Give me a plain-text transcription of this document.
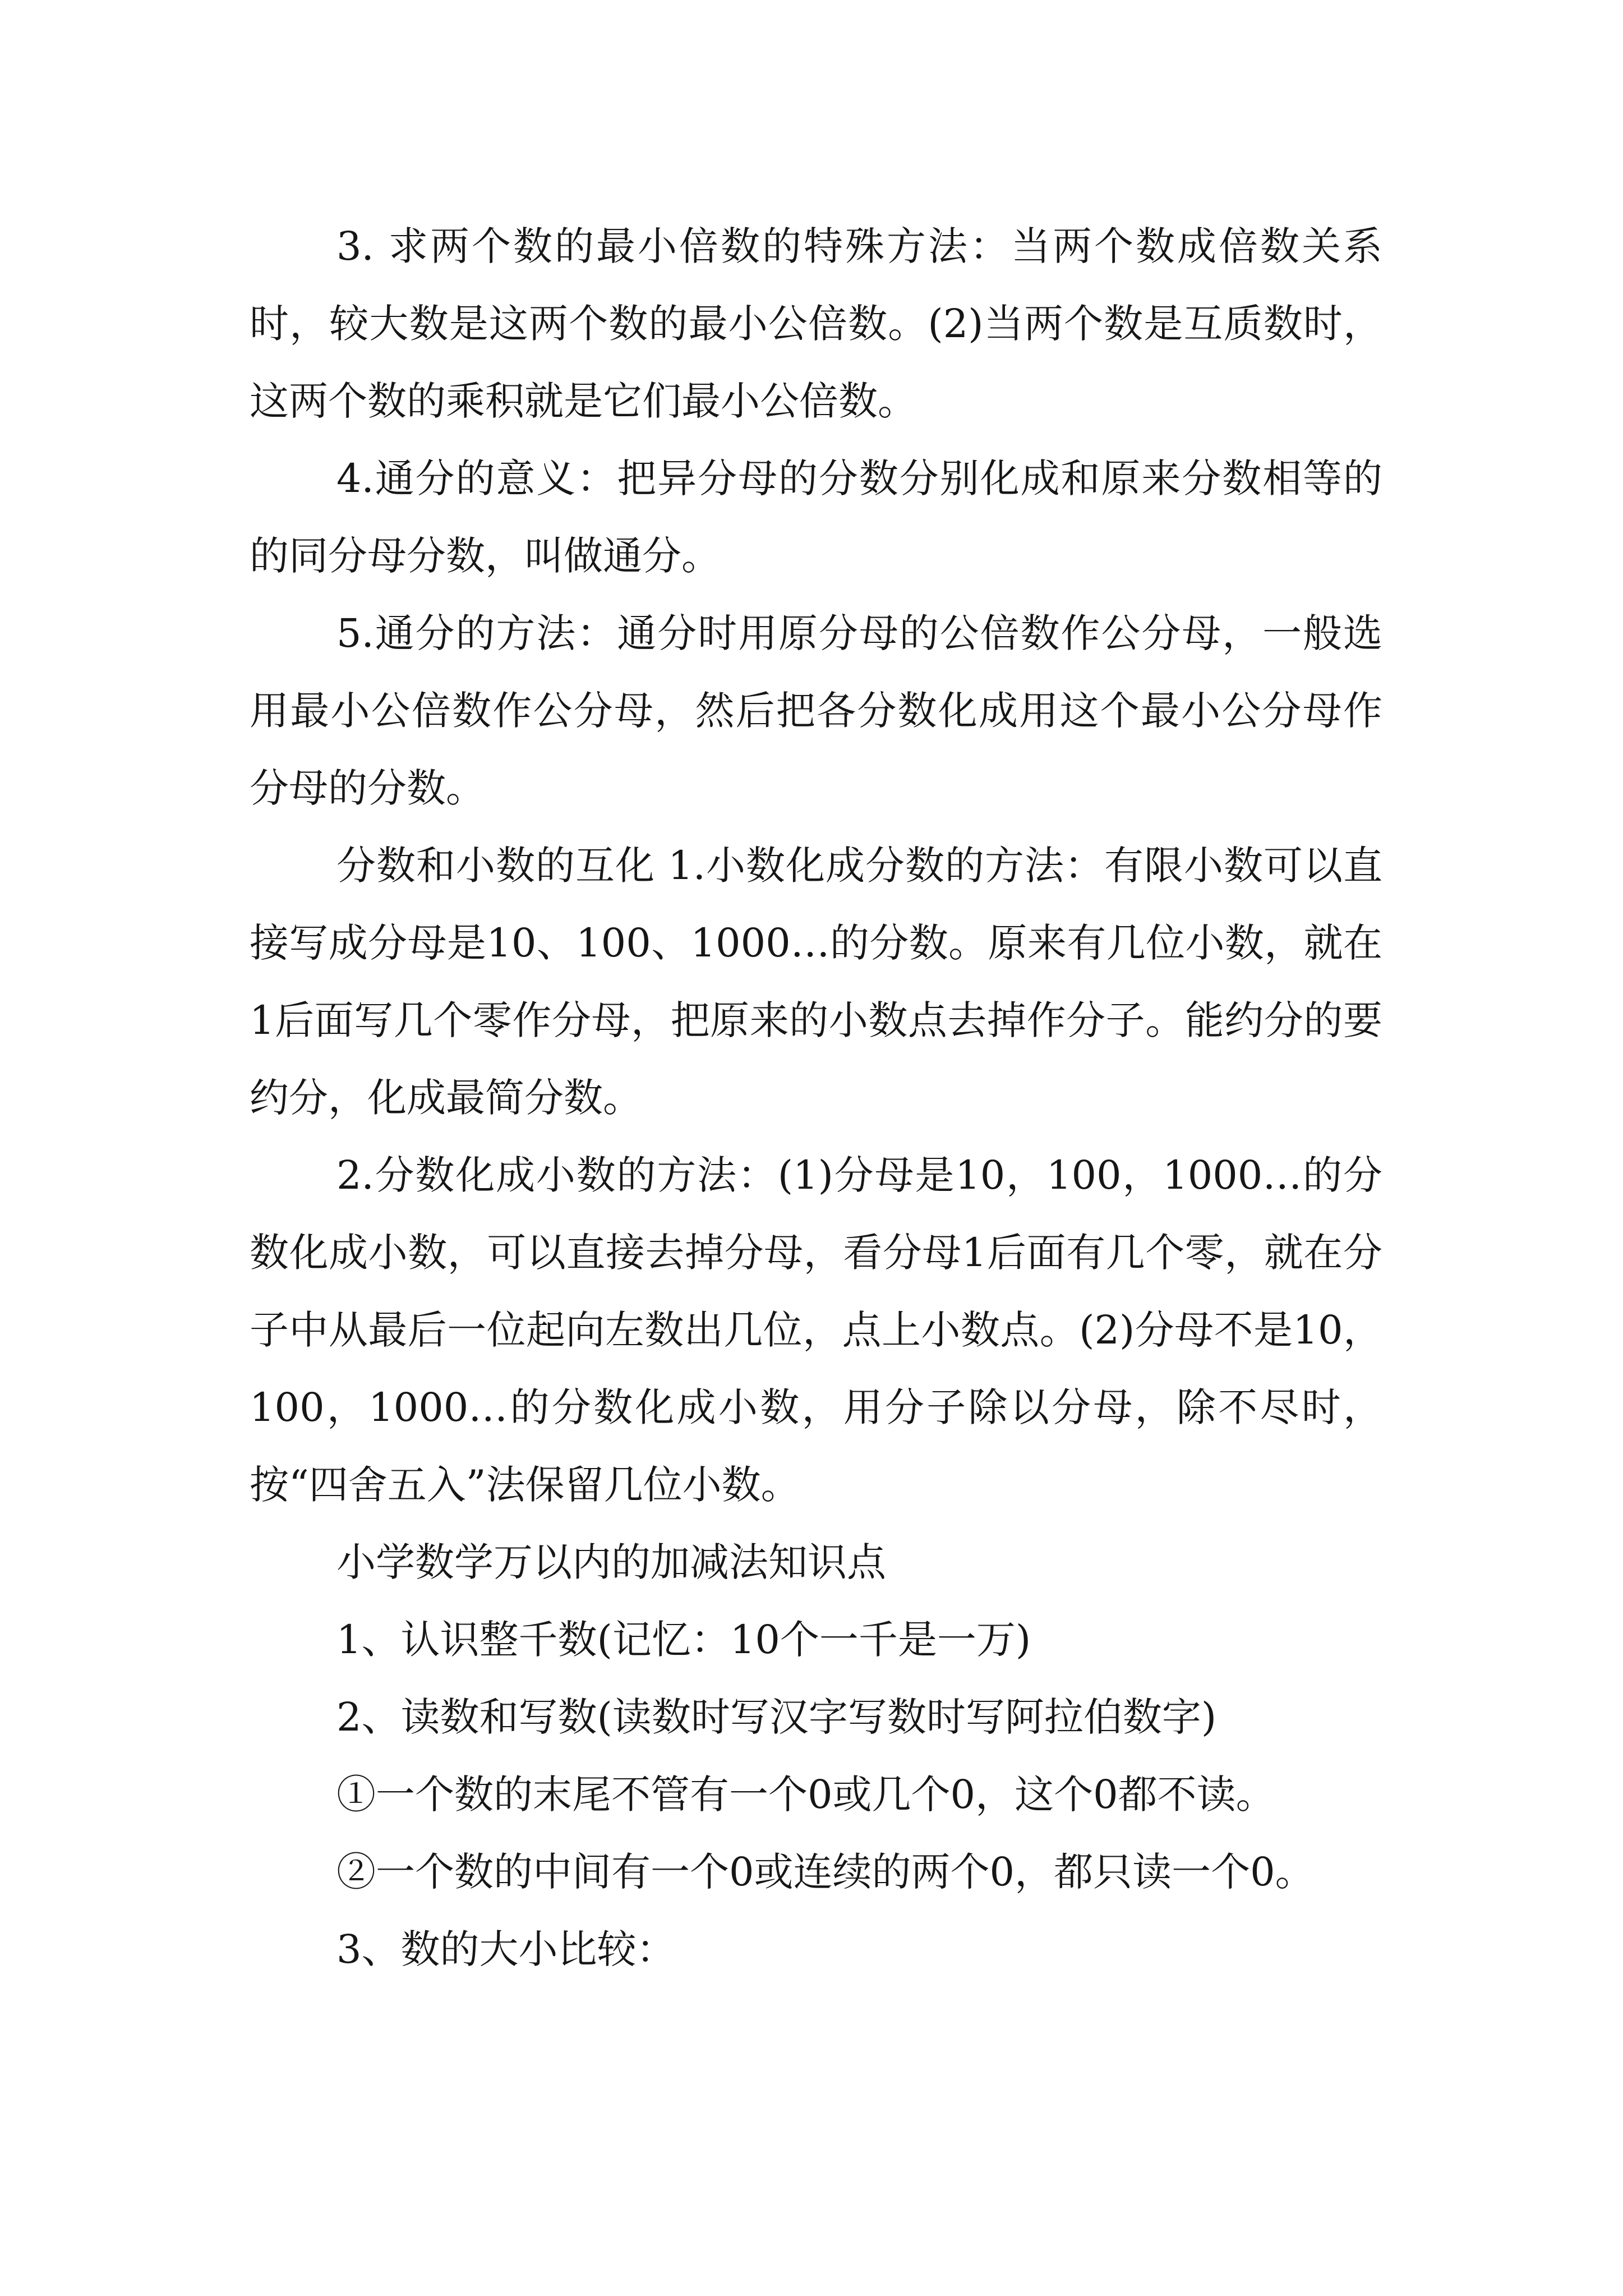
3. 求两个数的最小倍数的特殊方法：当两个数成倍数关系时，较大数是这两个数的最小公倍数。(2)当两个数是互质数时，这两个数的乘积就是它们最小公倍数。

4.通分的意义：把异分母的分数分别化成和原来分数相等的的同分母分数，叫做通分。

5.通分的方法：通分时用原分母的公倍数作公分母，一般选用最小公倍数作公分母，然后把各分数化成用这个最小公分母作分母的分数。

分数和小数的互化 1.小数化成分数的方法：有限小数可以直接写成分母是10、100、1000…的分数。原来有几位小数，就在1后面写几个零作分母，把原来的小数点去掉作分子。能约分的要约分，化成最简分数。

2.分数化成小数的方法：(1)分母是10，100，1000…的分数化成小数，可以直接去掉分母，看分母1后面有几个零，就在分子中从最后一位起向左数出几位，点上小数点。(2)分母不是10，100，1000…的分数化成小数，用分子除以分母，除不尽时，按“四舍五入”法保留几位小数。

小学数学万以内的加减法知识点

1、认识整千数(记忆：10个一千是一万)

2、读数和写数(读数时写汉字写数时写阿拉伯数字)

①一个数的末尾不管有一个0或几个0，这个0都不读。

②一个数的中间有一个0或连续的两个0，都只读一个0。

3、数的大小比较：
